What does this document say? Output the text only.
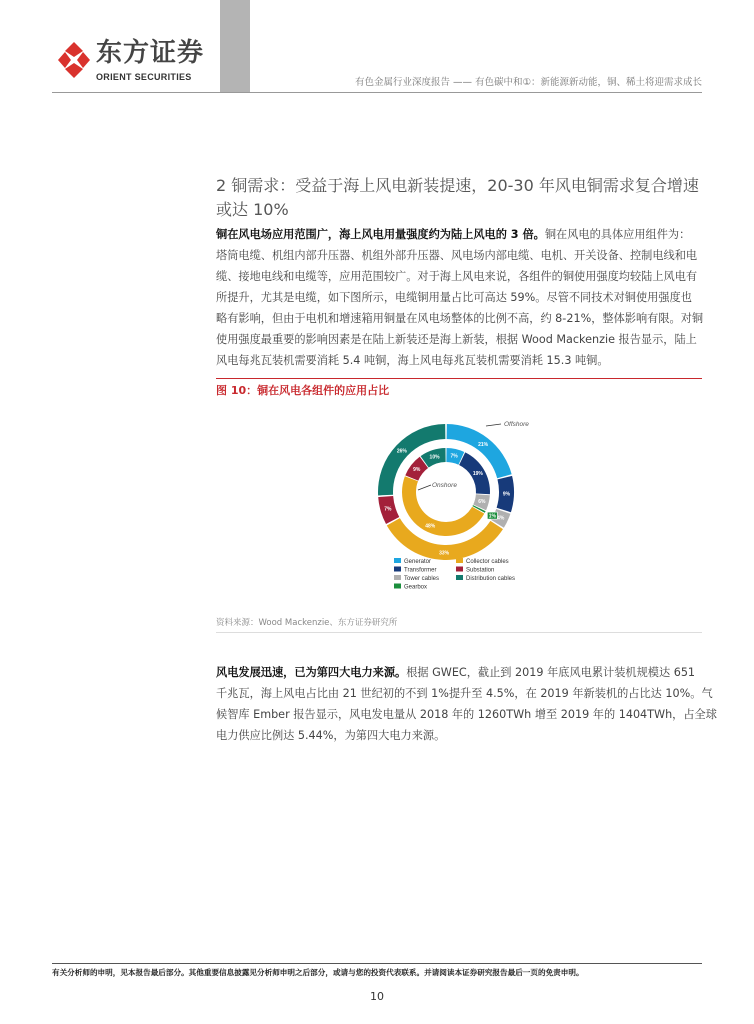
东方证券
ORIENT SECURITIES	有色金属行业深度报告 —— 有色碳中和①：新能源新动能，铜、稀土将迎需求成长
2 铜需求：受益于海上风电新装提速，20-30 年风电铜需求复合增速或达 10%
铜在风电场应用范围广，海上风电用量强度约为陆上风电的 3 倍。铜在风电的具体应用组件为：
塔筒电缆、机组内部升压器、机组外部升压器、风电场内部电缆、电机、开关设备、控制电线和电
缆、接地电线和电缆等，应用范围较广。对于海上风电来说，各组件的铜使用强度均较陆上风电有
所提升，尤其是电缆，如下图所示，电缆铜用量占比可高达 59%。尽管不同技术对铜使用强度也
略有影响，但由于电机和增速箱用铜量在风电场整体的比例不高，约 8-21%，整体影响有限。对铜
使用强度最重要的影响因素是在陆上新装还是海上新装，根据 Wood Mackenzie 报告显示，陆上
风电每兆瓦装机需要消耗 5.4 吨铜，海上风电每兆瓦装机需要消耗 15.3 吨铜。
图 10：铜在风电各组件的应用占比
21%
9%
4%
33%
7%
26%
7%
19%
6%
1%
48%
9%
10%
Offshore
Onshore
Generator	Collector cables
Transformer	Substation
Tower cables	Distribution cables
Gearbox
资料来源：Wood Mackenzie、东方证券研究所
风电发展迅速，已为第四大电力来源。根据 GWEC，截止到 2019 年底风电累计装机规模达 651
千兆瓦，海上风电占比由 21 世纪初的不到 1%提升至 4.5%，在 2019 年新装机的占比达 10%。气
候智库 Ember 报告显示，风电发电量从 2018 年的 1260TWh 增至 2019 年的 1404TWh，占全球
电力供应比例达 5.44%，为第四大电力来源。
有关分析师的申明，见本报告最后部分。其他重要信息披露见分析师申明之后部分，或请与您的投资代表联系。并请阅读本证券研究报告最后一页的免责申明。
10
